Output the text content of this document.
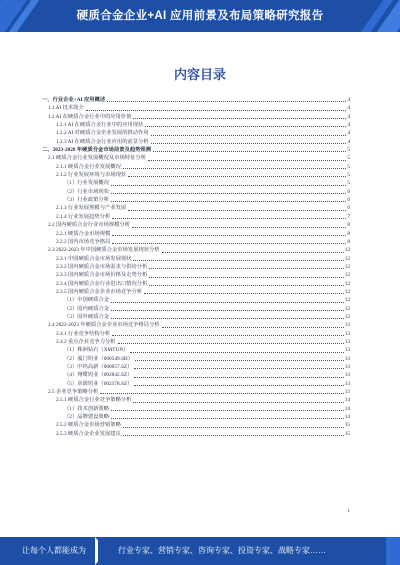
硬质合金企业+AI 应用前景及布局策略研究报告
内容目录
一、行业企业+AI 应用概述	4
1.1 AI 技术简介	4
1.2 AI 在硬质合金行业中的应用价值	4
1.2.1 AI 在硬质合金行业中的应用现状	4
1.2.2 AI 对硬质合金企业发展的推动作用	4
1.2.3 AI 在硬质合金行业应用的前景分析	4
二、2023-2028 年硬质合金市场前景及趋势预测	5
2.1 硬质合金行业发展概况及市场特征分析	5
2.1.1 硬质合金行业发展概况	5
2.1.2 行业发展环境与市场现状	5
（1）行业发展概况	5
（2）行业市场现状	6
（3）行业政策分析	6
2.1.3 行业发展规模与产业发展	6
2.1.4 行业发展趋势分析	7
2.2 国内硬质合金行业市场规模分析	8
2.2.1 硬质合金市场规模	8
2.2.2 国内市场竞争格局	8
2.3 2022-2023 年中国硬质合金市场发展现状分析	12
2.3.1 中国硬质合金市场发展现状	12
2.3.2 国内硬质合金市场需求与供给分析	12
2.3.3 国内硬质合金市场价格及走势分析	12
2.3.4 国内硬质合金行业进出口情况分析	12
2.3.5 国内硬质合金企业市场竞争分析	12
（1）中国硬质合金	12
（2）国内硬质合金	12
（3）国外硬质合金	12
2.4 2022-2023 年硬质合金企业市场竞争格局分析	13
2.4.1 行业竞争结构分析	13
2.4.2 重点企业竞争力分析	13
（1）株洲钻石（XMTUN）	13
（2）厦门钨业（600549.SH）	13
（3）中钨高新（000657.SZ）	13
（4）翔鹭钨业（002842.SZ）	13
（5）章源钨业（002378.SZ）	13
2.5 企业竞争策略分析	13
2.5.1 硬质合金行业竞争策略分析	14
（1）技术创新策略	14
（2）品牌建设策略	14
2.5.2 硬质合金市场营销策略	15
2.5.3 硬质合金企业发展建议	15
1
让每个人都能成为	行业专家、营销专家、咨询专家、投资专家、战略专家……
